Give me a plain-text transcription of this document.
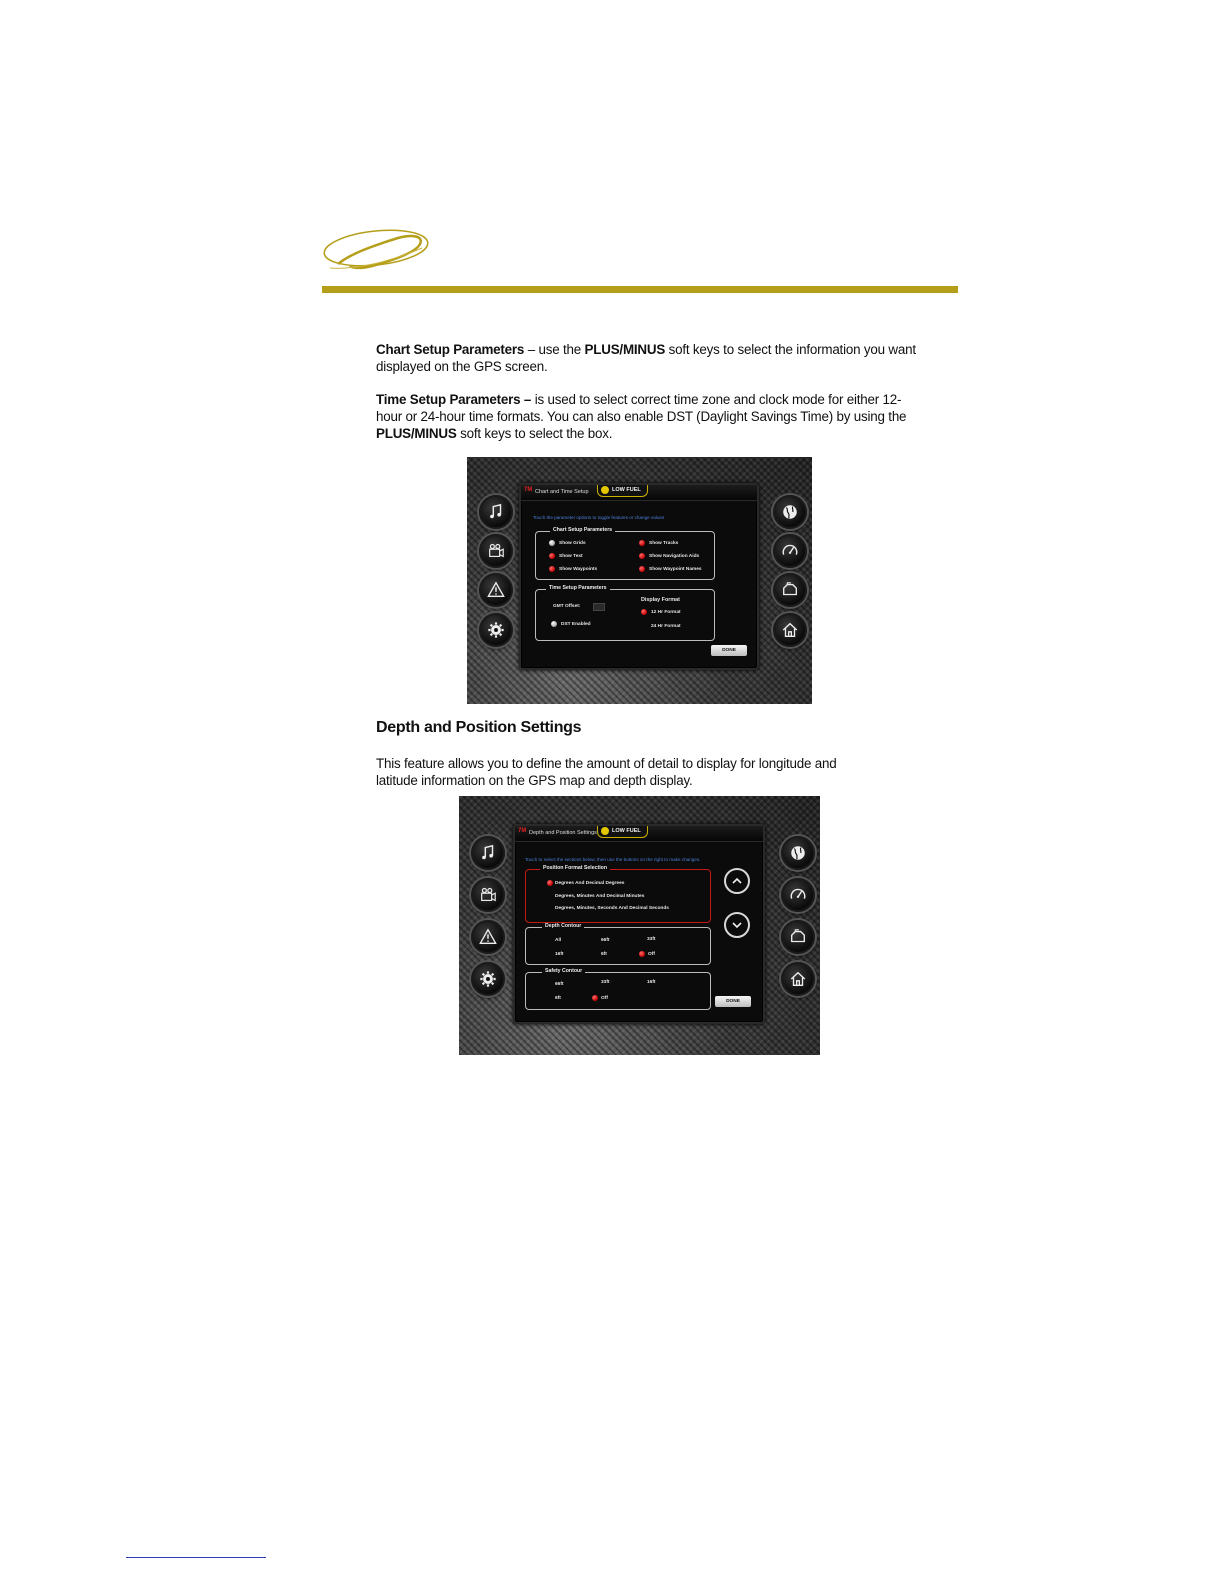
Chart Setup Parameters – use the PLUS/MINUS soft keys to select the information you want displayed on the GPS screen.
Time Setup Parameters – is used to select correct time zone and clock mode for either 12-hour or 24-hour time formats. You can also enable DST (Daylight Savings Time) by using the PLUS/MINUS soft keys to select the box.
7M Chart and Time Setup	LOW FUEL
Touch the parameter options to toggle features or change values
Chart Setup Parameters
Show Grids	Show Tracks
Show Text	Show Navigation Aids
Show Waypoints	Show Waypoint Names
Time Setup Parameters
GMT Offset:
Display Format
12 Hr Format
24 Hr Format
DST Enabled
DONE
Depth and Position Settings
This feature allows you to define the amount of detail to display for longitude and latitude information on the GPS map and depth display.
7M Depth and Position Settings	LOW FUEL
Touch to select the sections below, then use the buttons on the right to make changes.
Position Format Selection
Degrees And Decimal Degrees
Degrees, Minutes And Decimal Minutes
Degrees, Minutes, Seconds And Decimal Seconds
Depth Contour
All	66ft	33ft
16ft	6ft	Off
Safety Contour
66ft	33ft	16ft
6ft	Off
DONE
